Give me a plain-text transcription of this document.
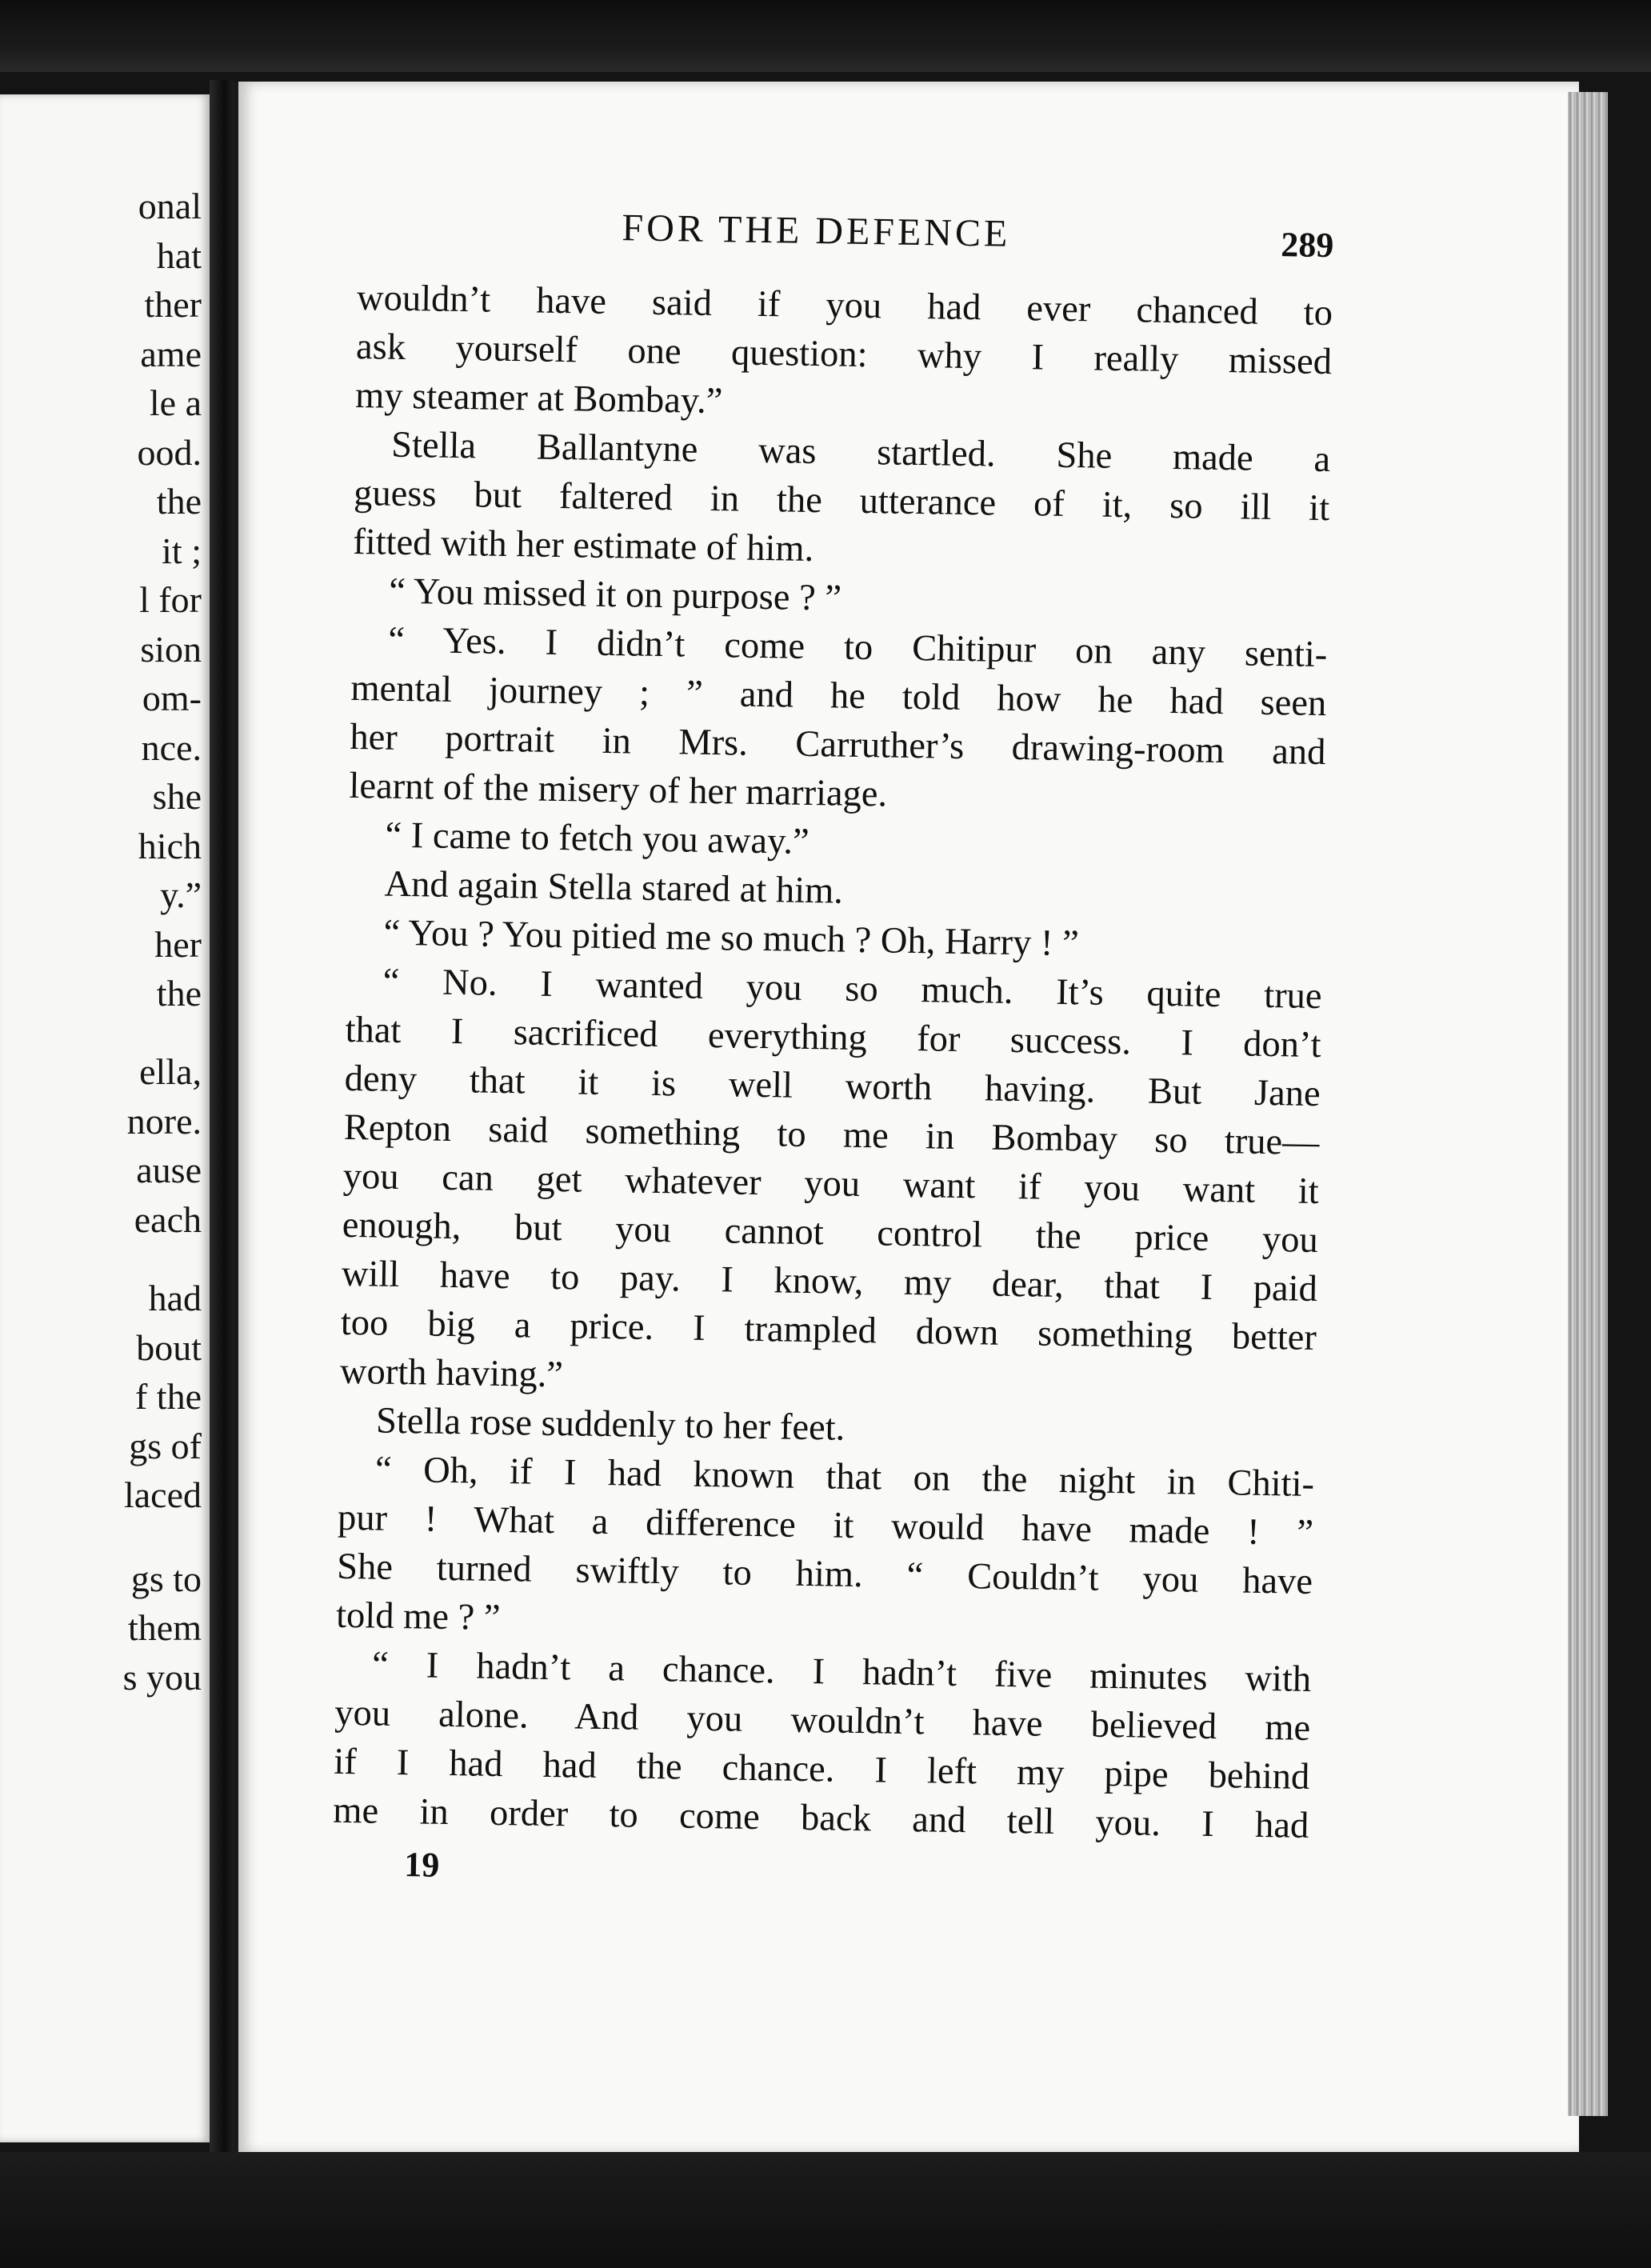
onal
hat
ther
ame
le a
ood.
the
it ;
l for
sion
om-
nce.
she
hich
y.”
her
the
ella,
nore.
ause
each
had
bout
f the
gs of
laced
gs to
them
s you
FOR THE DEFENCE	289
wouldn’t have said if you had ever chanced to
ask yourself one question: why I really missed
my steamer at Bombay.”
Stella Ballantyne was startled. She made a
guess but faltered in the utterance of it, so ill it
fitted with her estimate of him.
“ You missed it on purpose ? ”
“ Yes. I didn’t come to Chitipur on any senti-
mental journey ; ” and he told how he had seen
her portrait in Mrs. Carruther’s drawing-room and
learnt of the misery of her marriage.
“ I came to fetch you away.”
And again Stella stared at him.
“ You ? You pitied me so much ? Oh, Harry ! ”
“ No. I wanted you so much. It’s quite true
that I sacrificed everything for success. I don’t
deny that it is well worth having. But Jane
Repton said something to me in Bombay so true—
you can get whatever you want if you want it
enough, but you cannot control the price you
will have to pay. I know, my dear, that I paid
too big a price. I trampled down something better
worth having.”
Stella rose suddenly to her feet.
“ Oh, if I had known that on the night in Chiti-
pur ! What a difference it would have made ! ”
She turned swiftly to him. “ Couldn’t you have
told me ? ”
“ I hadn’t a chance. I hadn’t five minutes with
you alone. And you wouldn’t have believed me
if I had had the chance. I left my pipe behind
me in order to come back and tell you. I had
19
